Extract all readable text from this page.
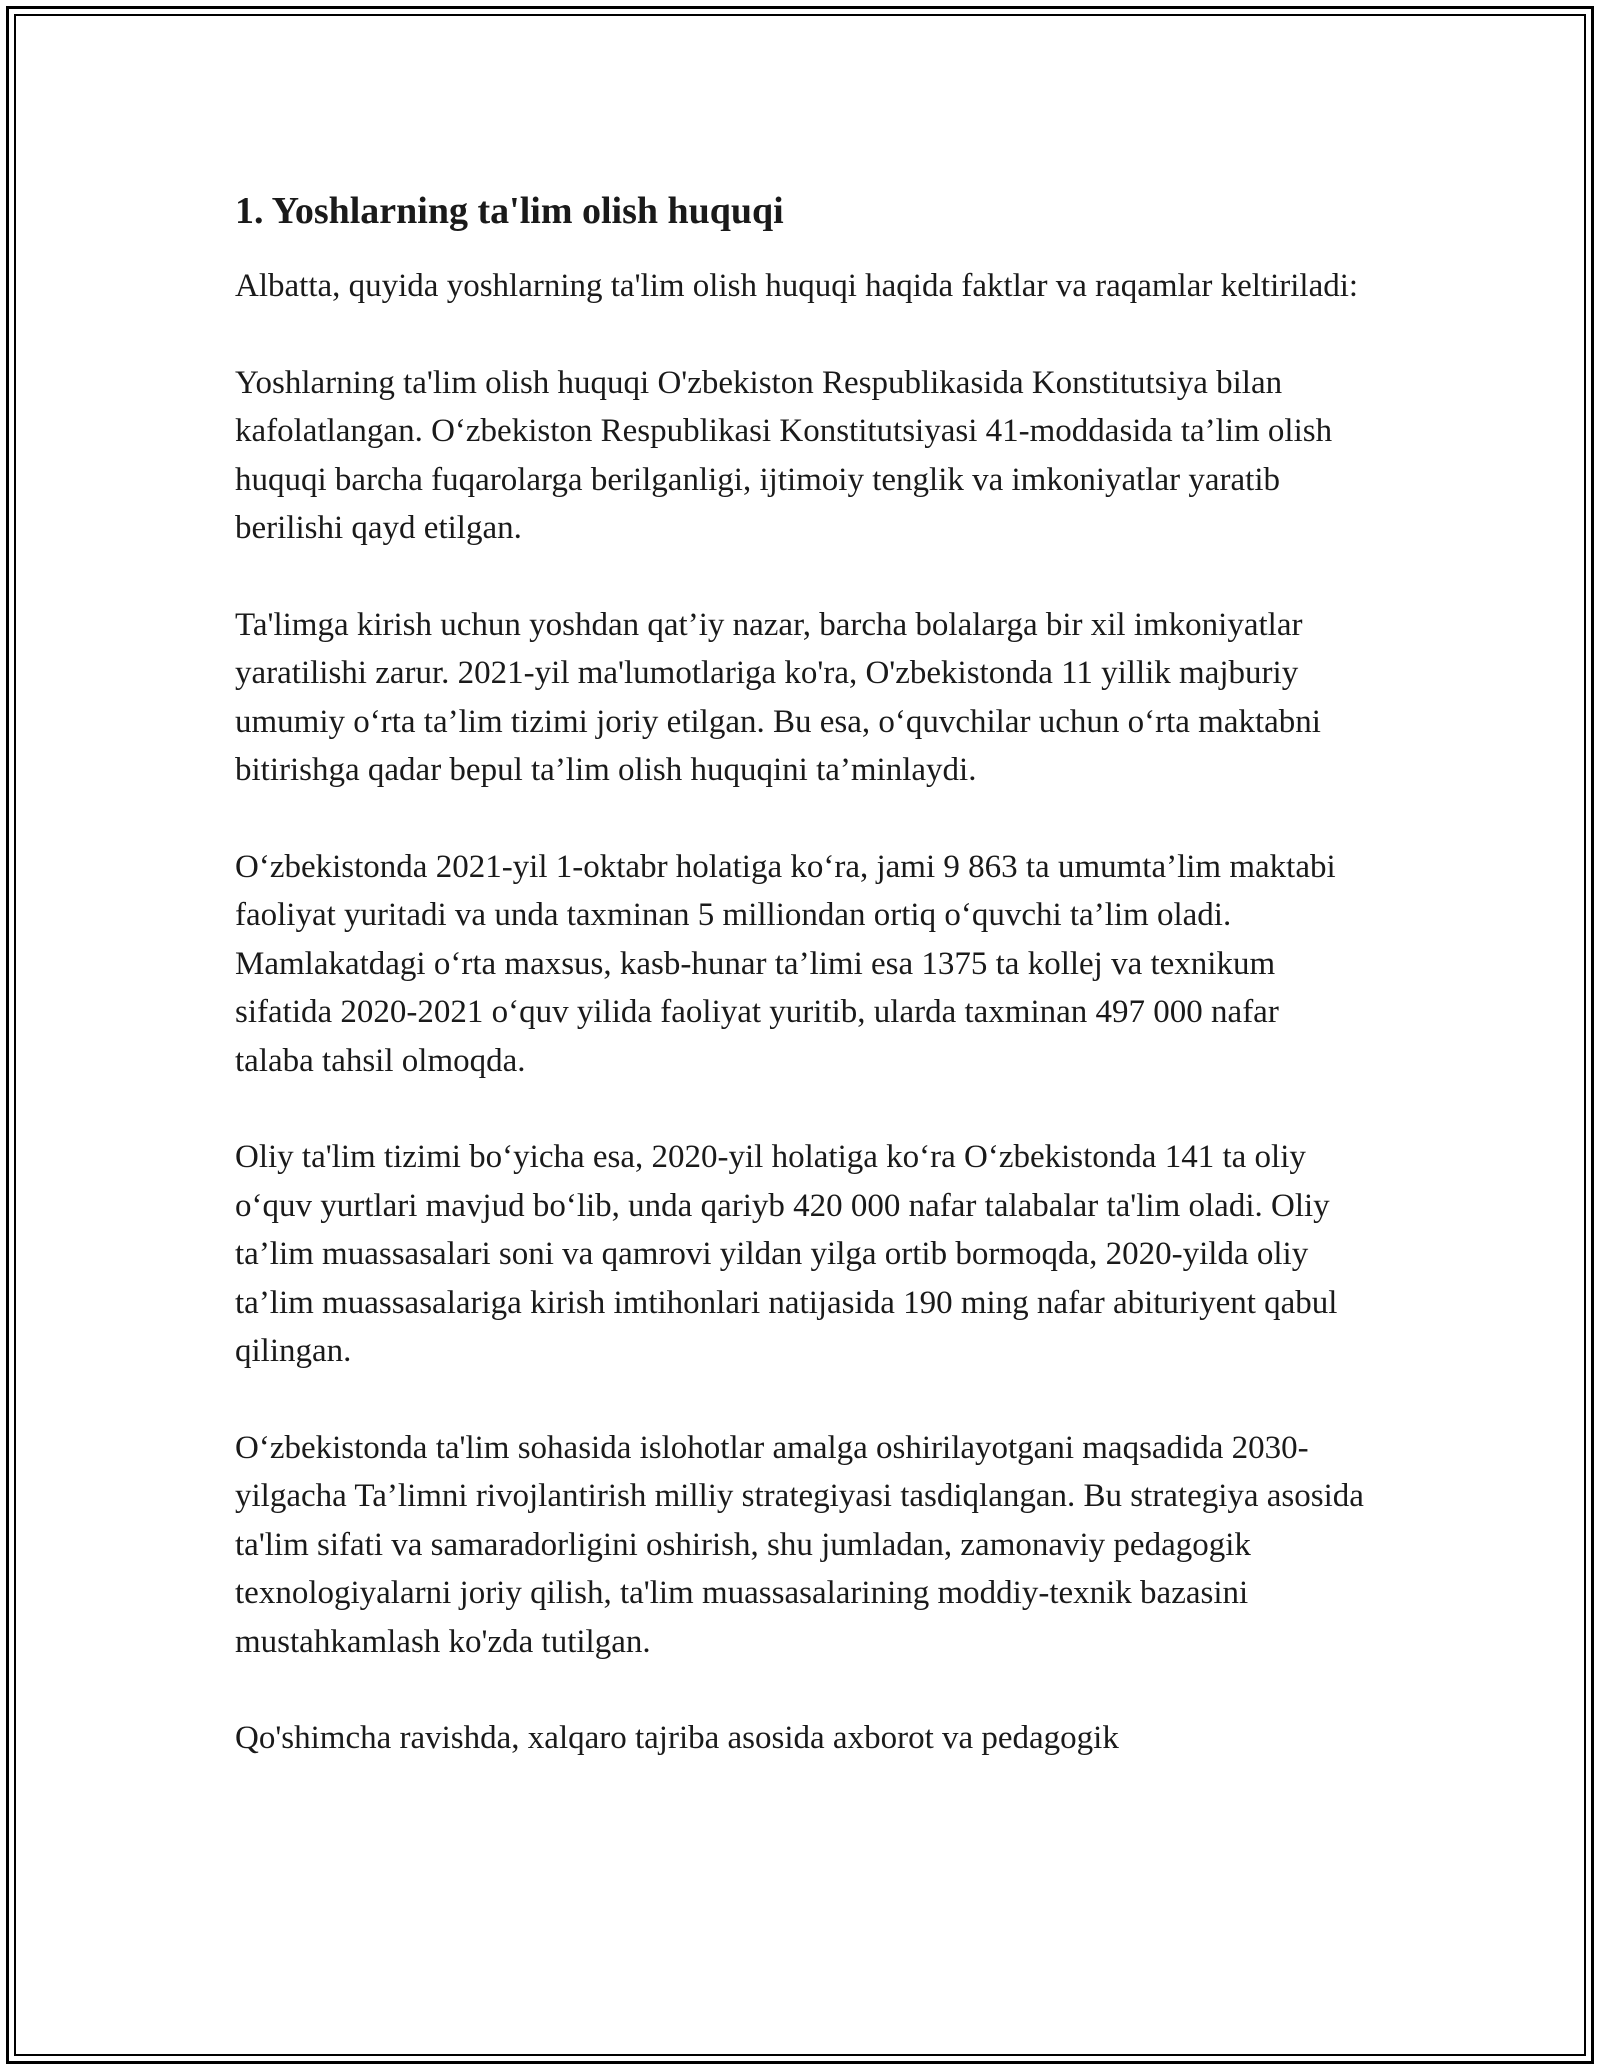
1. Yoshlarning ta'lim olish huquqi

Albatta, quyida yoshlarning ta'lim olish huquqi haqida faktlar va raqamlar keltiriladi:

Yoshlarning ta'lim olish huquqi O'zbekiston Respublikasida Konstitutsiya bilan kafolatlangan. O‘zbekiston Respublikasi Konstitutsiyasi 41-moddasida ta’lim olish huquqi barcha fuqarolarga berilganligi, ijtimoiy tenglik va imkoniyatlar yaratib berilishi qayd etilgan.

Ta'limga kirish uchun yoshdan qat’iy nazar, barcha bolalarga bir xil imkoniyatlar yaratilishi zarur. 2021-yil ma'lumotlariga ko'ra, O'zbekistonda 11 yillik majburiy umumiy o‘rta ta’lim tizimi joriy etilgan. Bu esa, o‘quvchilar uchun o‘rta maktabni bitirishga qadar bepul ta’lim olish huquqini ta’minlaydi.

O‘zbekistonda 2021-yil 1-oktabr holatiga ko‘ra, jami 9 863 ta umumta’lim maktabi faoliyat yuritadi va unda taxminan 5 milliondan ortiq o‘quvchi ta’lim oladi. Mamlakatdagi o‘rta maxsus, kasb-hunar ta’limi esa 1375 ta kollej va texnikum sifatida 2020-2021 o‘quv yilida faoliyat yuritib, ularda taxminan 497 000 nafar talaba tahsil olmoqda.

Oliy ta'lim tizimi bo‘yicha esa, 2020-yil holatiga ko‘ra O‘zbekistonda 141 ta oliy o‘quv yurtlari mavjud bo‘lib, unda qariyb 420 000 nafar talabalar ta'lim oladi. Oliy ta’lim muassasalari soni va qamrovi yildan yilga ortib bormoqda, 2020-yilda oliy ta’lim muassasalariga kirish imtihonlari natijasida 190 ming nafar abituriyent qabul qilingan.

O‘zbekistonda ta'lim sohasida islohotlar amalga oshirilayotgani maqsadida 2030-yilgacha Ta’limni rivojlantirish milliy strategiyasi tasdiqlangan. Bu strategiya asosida ta'lim sifati va samaradorligini oshirish, shu jumladan, zamonaviy pedagogik texnologiyalarni joriy qilish, ta'lim muassasalarining moddiy-texnik bazasini mustahkamlash ko'zda tutilgan.

Qo'shimcha ravishda, xalqaro tajriba asosida axborot va pedagogik
